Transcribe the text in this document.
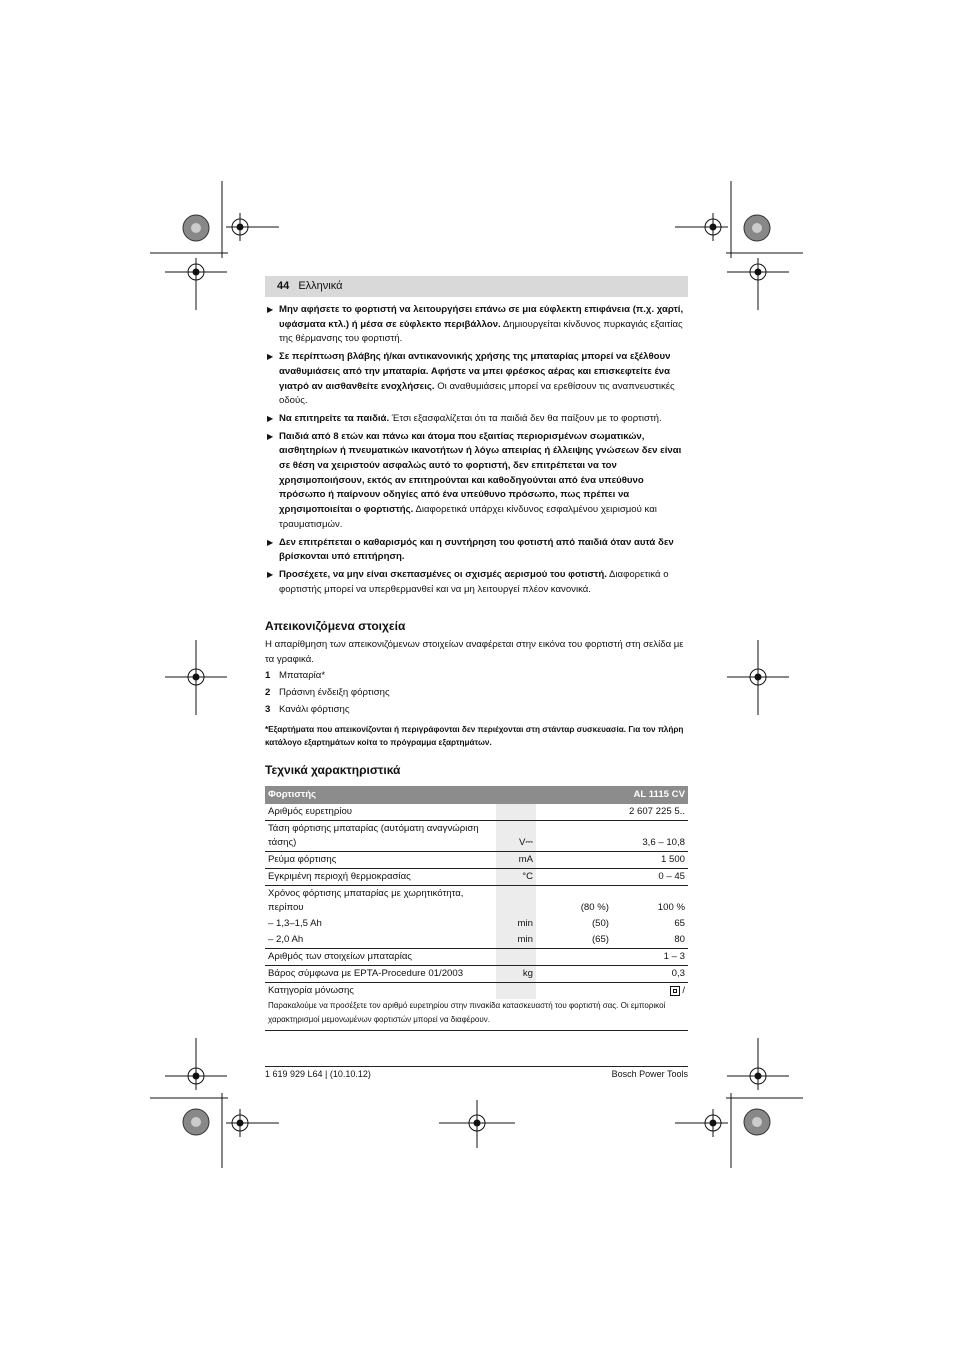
44 Ελληνικά
▶ Μην αφήσετε το φορτιστή να λειτουργήσει επάνω σε μια εύφλεκτη επιφάνεια (π.χ. χαρτί, υφάσματα κτλ.) ή μέσα σε εύφλεκτο περιβάλλον. Δημιουργείται κίνδυνος πυρκαγιάς εξαιτίας της θέρμανσης του φορτιστή.
▶ Σε περίπτωση βλάβης ή/και αντικανονικής χρήσης της μπαταρίας μπορεί να εξέλθουν αναθυμιάσεις από την μπαταρία. Αφήστε να μπει φρέσκος αέρας και επισκεφτείτε ένα γιατρό αν αισθανθείτε ενοχλήσεις. Οι αναθυμιάσεις μπορεί να ερεθίσουν τις αναπνευστικές οδούς.
▶ Να επιτηρείτε τα παιδιά. Έτσι εξασφαλίζεται ότι τα παιδιά δεν θα παίξουν με το φορτιστή.
▶ Παιδιά από 8 ετών και πάνω και άτομα που εξαιτίας περιορισμένων σωματικών, αισθητηρίων ή πνευματικών ικανοτήτων ή λόγω απειρίας ή έλλειψης γνώσεων δεν είναι σε θέση να χειριστούν ασφαλώς αυτό το φορτιστή, δεν επιτρέπεται να τον χρησιμοποιήσουν, εκτός αν επιτηρούνται και καθοδηγούνται από ένα υπεύθυνο πρόσωπο ή παίρνουν οδηγίες από ένα υπεύθυνο πρόσωπο, πως πρέπει να χρησιμοποιείται ο φορτιστής. Διαφορετικά υπάρχει κίνδυνος εσφαλμένου χειρισμού και τραυματισμών.
▶ Δεν επιτρέπεται ο καθαρισμός και η συντήρηση του φοτιστή από παιδιά όταν αυτά δεν βρίσκονται υπό επιτήρηση.
▶ Προσέχετε, να μην είναι σκεπασμένες οι σχισμές αερισμού του φοτιστή. Διαφορετικά ο φορτιστής μπορεί να υπερθερμανθεί και να μη λειτουργεί πλέον κανονικά.
Απεικονιζόμενα στοιχεία

Η απαρίθμηση των απεικονιζόμενων στοιχείων αναφέρεται στην εικόνα του φορτιστή στη σελίδα με τα γραφικά.

1 Μπαταρία*
2 Πράσινη ένδειξη φόρτισης
3 Κανάλι φόρτισης
*Εξαρτήματα που απεικονίζονται ή περιγράφονται δεν περιέχονται στη στάνταρ συσκευασία. Για τον πλήρη κατάλογο εξαρτημάτων κοίτα το πρόγραμμα εξαρτημάτων.
Τεχνικά χαρακτηριστικά
Φορτιστής		AL 1115 CV	
Αριθμός ευρετηρίου			2 607 225 5..
Τάση φόρτισης μπαταρίας (αυτόματη αναγνώριση τάσης)	V⎓		3,6 – 10,8
Ρεύμα φόρτισης	mA		1 500
Εγκριμένη περιοχή θερμοκρασίας	°C		0 – 45
Χρόνος φόρτισης μπαταρίας με χωρητικότητα, περίπου		(80 %)	100 %
– 1,3–1,5 Ah	min	(50)	65
– 2,0 Ah	min	(65)	80
Αριθμός των στοιχείων μπαταρίας			1 – 3
Βάρος σύμφωνα με EPTA-Procedure 01/2003	kg		0,3
Κατηγορία μόνωσης			/
Παρακαλούμε να προσέξετε τον αριθμό ευρετηρίου στην πινακίδα κατασκευαστή του φορτιστή σας. Οι εμπορικοί χαρακτηρισμοί μεμονωμένων φορτιστών μπορεί να διαφέρουν.
1 619 929 L64 | (10.10.12)	Bosch Power Tools
